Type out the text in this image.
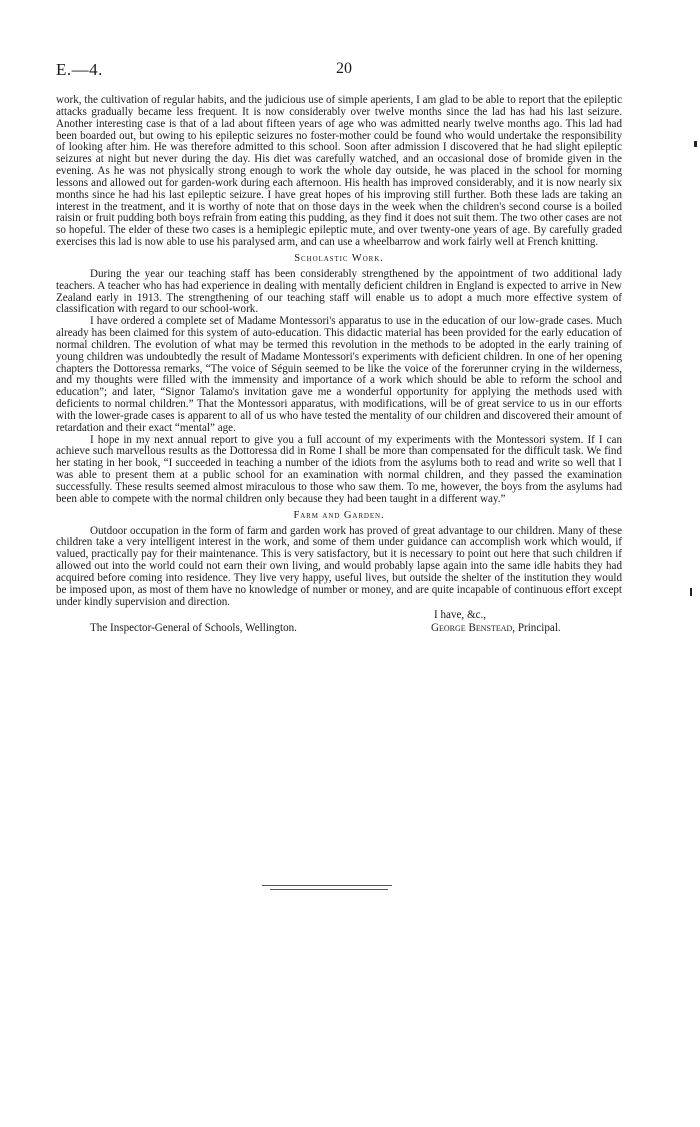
E.—4.	20

work, the cultivation of regular habits, and the judicious use of simple aperients, I am glad to be able to report that the epileptic attacks gradually became less frequent. It is now considerably over twelve months since the lad has had his last seizure. Another interesting case is that of a lad about fifteen years of age who was admitted nearly twelve months ago. This lad had been boarded out, but owing to his epileptic seizures no foster-mother could be found who would undertake the responsibility of looking after him. He was therefore admitted to this school. Soon after admission I discovered that he had slight epileptic seizures at night but never during the day. His diet was carefully watched, and an occasional dose of bromide given in the evening. As he was not physically strong enough to work the whole day outside, he was placed in the school for morning lessons and allowed out for garden-work during each afternoon. His health has improved considerably, and it is now nearly six months since he had his last epileptic seizure. I have great hopes of his improving still further. Both these lads are taking an interest in the treatment, and it is worthy of note that on those days in the week when the children's second course is a boiled raisin or fruit pudding both boys refrain from eating this pudding, as they find it does not suit them. The two other cases are not so hopeful. The elder of these two cases is a hemiplegic epileptic mute, and over twenty-one years of age. By carefully graded exercises this lad is now able to use his paralysed arm, and can use a wheelbarrow and work fairly well at French knitting.

Scholastic Work.

During the year our teaching staff has been considerably strengthened by the appointment of two additional lady teachers. A teacher who has had experience in dealing with mentally deficient children in England is expected to arrive in New Zealand early in 1913. The strengthening of our teaching staff will enable us to adopt a much more effective system of classification with regard to our school-work.

I have ordered a complete set of Madame Montessori's apparatus to use in the education of our low-grade cases. Much already has been claimed for this system of auto-education. This didactic material has been provided for the early education of normal children. The evolution of what may be termed this revolution in the methods to be adopted in the early training of young children was undoubtedly the result of Madame Montessori's experiments with deficient children. In one of her opening chapters the Dottoressa remarks, “The voice of Séguin seemed to be like the voice of the forerunner crying in the wilderness, and my thoughts were filled with the immensity and importance of a work which should be able to reform the school and education”; and later, “Signor Talamo's invitation gave me a wonderful opportunity for applying the methods used with deficients to normal children.” That the Montessori apparatus, with modifications, will be of great service to us in our efforts with the lower-grade cases is apparent to all of us who have tested the mentality of our children and discovered their amount of retardation and their exact “mental” age.

I hope in my next annual report to give you a full account of my experiments with the Montessori system. If I can achieve such marvellous results as the Dottoressa did in Rome I shall be more than compensated for the difficult task. We find her stating in her book, “I succeeded in teaching a number of the idiots from the asylums both to read and write so well that I was able to present them at a public school for an examination with normal children, and they passed the examination successfully. These results seemed almost miraculous to those who saw them. To me, however, the boys from the asylums had been able to compete with the normal children only because they had been taught in a different way.”

Farm and Garden.

Outdoor occupation in the form of farm and garden work has proved of great advantage to our children. Many of these children take a very intelligent interest in the work, and some of them under guidance can accomplish work which would, if valued, practically pay for their maintenance. This is very satisfactory, but it is necessary to point out here that such children if allowed out into the world could not earn their own living, and would probably lapse again into the same idle habits they had acquired before coming into residence. They live very happy, useful lives, but outside the shelter of the institution they would be imposed upon, as most of them have no knowledge of number or money, and are quite incapable of continuous effort except under kindly supervision and direction.

I have, &c.,
The Inspector-General of Schools, Wellington.	George Benstead, Principal.
